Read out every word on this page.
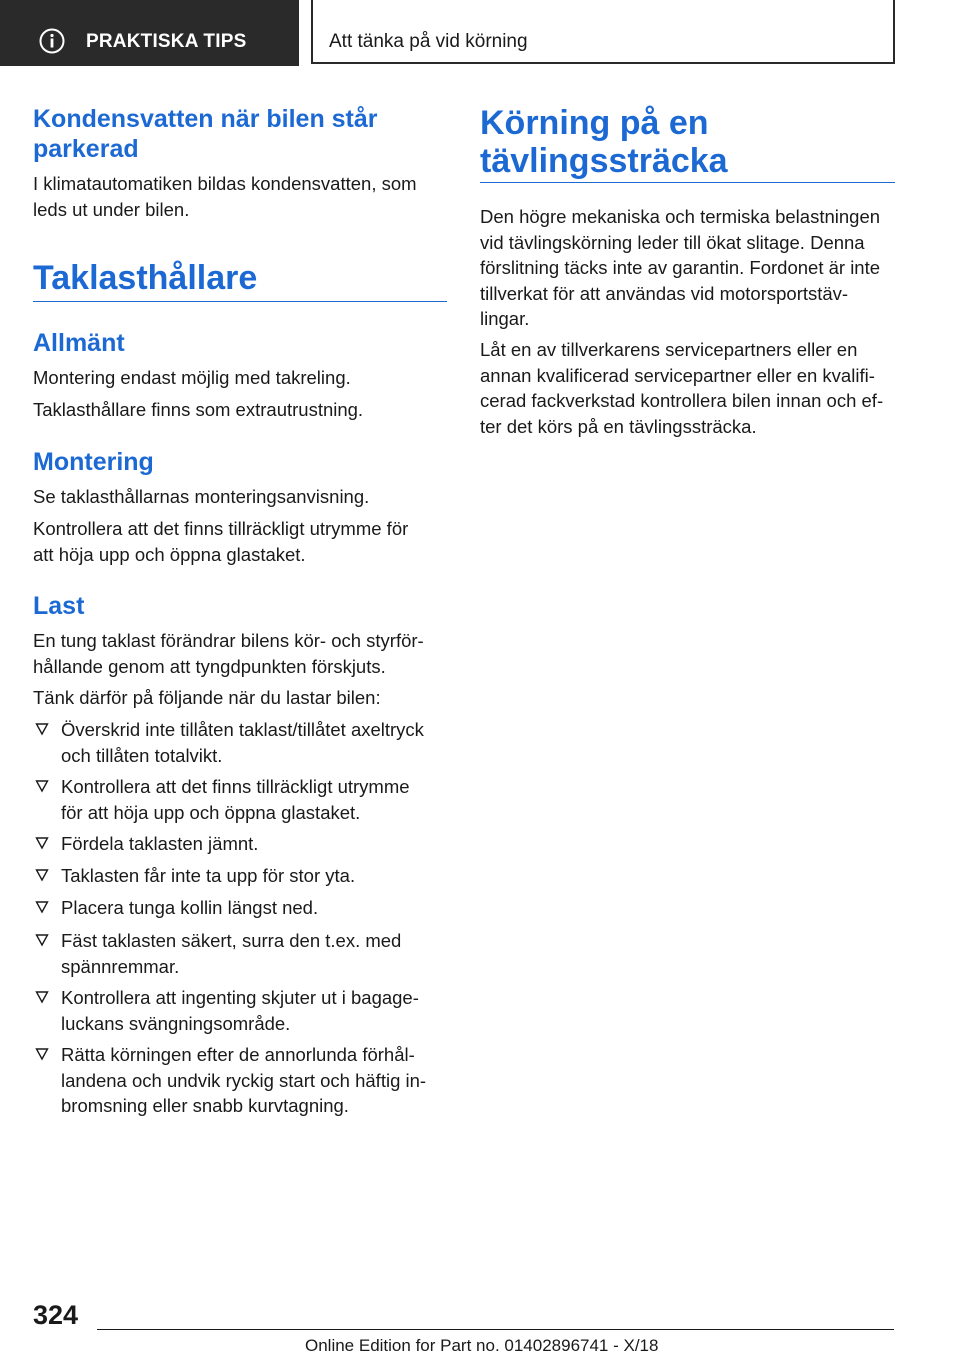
PRAKTISKA TIPS	Att tänka på vid körning
Kondensvatten när bilen står
parkerad
I klimatautomatiken bildas kondensvatten, som
leds ut under bilen.
Taklasthållare
Allmänt
Montering endast möjlig med takreling.
Taklasthållare finns som extrautrustning.
Montering
Se taklasthållarnas monteringsanvisning.
Kontrollera att det finns tillräckligt utrymme för
att höja upp och öppna glastaket.
Last
En tung taklast förändrar bilens kör- och styrför-
hållande genom att tyngdpunkten förskjuts.
Tänk därför på följande när du lastar bilen:
Överskrid inte tillåten taklast/tillåtet axeltryck
och tillåten totalvikt.
Kontrollera att det finns tillräckligt utrymme
för att höja upp och öppna glastaket.
Fördela taklasten jämnt.
Taklasten får inte ta upp för stor yta.
Placera tunga kollin längst ned.
Fäst taklasten säkert, surra den t.ex. med
spännremmar.
Kontrollera att ingenting skjuter ut i bagage-
luckans svängningsområde.
Rätta körningen efter de annorlunda förhål-
landena och undvik ryckig start och häftig in-
bromsning eller snabb kurvtagning.
Körning på en
tävlingssträcka
Den högre mekaniska och termiska belastningen
vid tävlingskörning leder till ökat slitage. Denna
förslitning täcks inte av garantin. Fordonet är inte
tillverkat för att användas vid motorsportstäv-
lingar.
Låt en av tillverkarens servicepartners eller en
annan kvalificerad servicepartner eller en kvalifi-
cerad fackverkstad kontrollera bilen innan och ef-
ter det körs på en tävlingssträcka.
324
Online Edition for Part no. 01402896741 - X/18
